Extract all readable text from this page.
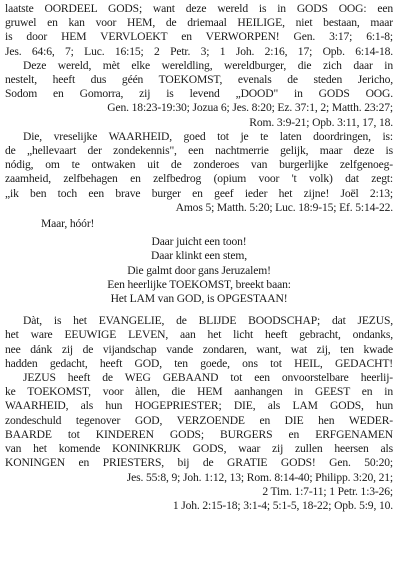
laatste OORDEEL GODS; want deze wereld is in GODS OOG: een
gruwel en kan voor HEM, de driemaal HEILIGE, niet bestaan, maar
is door HEM VERVLOEKT en VERWORPEN! Gen. 3:17; 6:1-8;
Jes. 64:6, 7; Luc. 16:15; 2 Petr. 3; 1 Joh. 2:16, 17; Opb. 6:14-18.
Deze wereld, mèt elke wereldling, wereldburger, die zich daar in
nestelt, heeft dus géén TOEKOMST, evenals de steden Jericho,
Sodom en Gomorra, zij is levend „DOOD" in GODS OOG.
Gen. 18:23-19:30; Jozua 6; Jes. 8:20; Ez. 37:1, 2; Matth. 23:27;
Rom. 3:9-21; Opb. 3:11, 17, 18.
Die, vreselijke WAARHEID, goed tot je te laten doordringen, is:
de „hellevaart der zondekennis", een nachtmerrie gelijk, maar deze is
nódig, om te ontwaken uit de zonderoes van burgerlijke zelfgenoeg-
zaamheid, zelfbehagen en zelfbedrog (opium voor 't volk) dat zegt:
„ik ben toch een brave burger en geef ieder het zijne! Joël 2:13;
Amos 5; Matth. 5:20; Luc. 18:9-15; Ef. 5:14-22.
Maar, hóór!
Daar juicht een toon!
Daar klinkt een stem,
Die galmt door gans Jeruzalem!
Een heerlijke TOEKOMST, breekt baan:
Het LAM van GOD, is OPGESTAAN!
Dàt, is het EVANGELIE, de BLIJDE BOODSCHAP; dat JEZUS,
het ware EEUWIGE LEVEN, aan het licht heeft gebracht, ondanks,
nee dánk zij de vijandschap vande zondaren, want, wat zij, ten kwade
hadden gedacht, heeft GOD, ten goede, ons tot HEIL, GEDACHT!
JEZUS heeft de WEG GEBAAND tot een onvoorstelbare heerlij-
ke TOEKOMST, voor àllen, die HEM aanhangen in GEEST en in
WAARHEID, als hun HOGEPRIESTER; DIE, als LAM GODS, hun
zondeschuld tegenover GOD, VERZOENDE en DIE hen WEDER-
BAARDE tot KINDEREN GODS; BURGERS en ERFGENAMEN
van het komende KONINKRIJK GODS, waar zij zullen heersen als
KONINGEN en PRIESTERS, bij de GRATIE GODS! Gen. 50:20;
Jes. 55:8, 9; Joh. 1:12, 13; Rom. 8:14-40; Philipp. 3:20, 21;
2 Tim. 1:7-11; 1 Petr. 1:3-26;
1 Joh. 2:15-18; 3:1-4; 5:1-5, 18-22; Opb. 5:9, 10.
